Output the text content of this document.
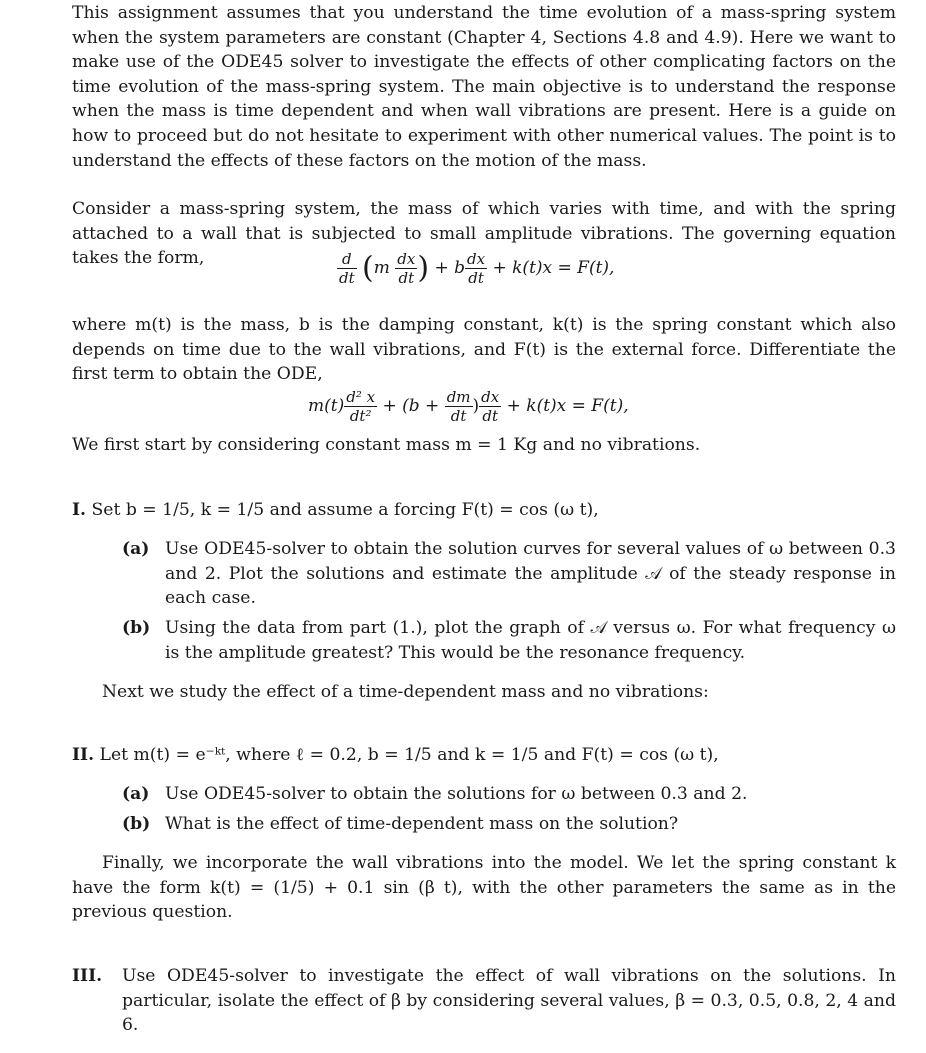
This assignment assumes that you understand the time evolution of a mass-spring system when the system parameters are constant (Chapter 4, Sections 4.8 and 4.9). Here we want to make use of the ODE45 solver to investigate the effects of other complicating factors on the time evolution of the mass-spring system. The main objective is to understand the response when the mass is time dependent and when wall vibrations are present. Here is a guide on how to proceed but do not hesitate to experiment with other numerical values. The point is to understand the effects of these factors on the motion of the mass.

Consider a mass-spring system, the mass of which varies with time, and with the spring attached to a wall that is subjected to small amplitude vibrations. The governing equation takes the form,	$\frac{d}{dt} (m \frac{dx}{dt}$ ) + b $\frac{dx}{dt} + k(t)x = F(t)$,

where m(t) is the mass, b is the damping constant, k(t) is the spring constant which also depends on time due to the wall vibrations, and F(t) is the external force. Differentiate the first term to obtain the ODE,

$m(t) \frac{\text{d² x}}{\text{dt²}} + (b + \frac{dm}{dt}$ ) $\frac{dx}{dt} + k(t)x = F(t)$,

We first start by considering constant mass m = 1 Kg and no vibrations.

I. Set b = 1/5, k = 1/5 and assume a forcing F(t) = cos (ω t),
(a) Use ODE45-solver to obtain the solution curves for several values of ω between 0.3 and 2. Plot the solutions and estimate the amplitude 𝒜 of the steady response in each case.
(b) Using the data from part (1.), plot the graph of 𝒜 versus ω. For what frequency ω is the amplitude greatest? This would be the resonance frequency.

Next we study the effect of a time-dependent mass and no vibrations:

II. Let m(t) = e⁻ᵏᵗ, where ℓ = 0.2, b = 1/5 and k = 1/5 and F(t) = cos (ω t),
(a) Use ODE45-solver to obtain the solutions for ω between 0.3 and 2.
(b) What is the effect of time-dependent mass on the solution?

Finally, we incorporate the wall vibrations into the model. We let the spring constant k have the form k(t) = (1/5) + 0.1 sin (β t), with the other parameters the same as in the previous question.

III.	Use ODE45-solver to investigate the effect of wall vibrations on the solutions. In particular, isolate the effect of β by considering several values, β = 0.3, 0.5, 0.8, 2, 4 and 6.
